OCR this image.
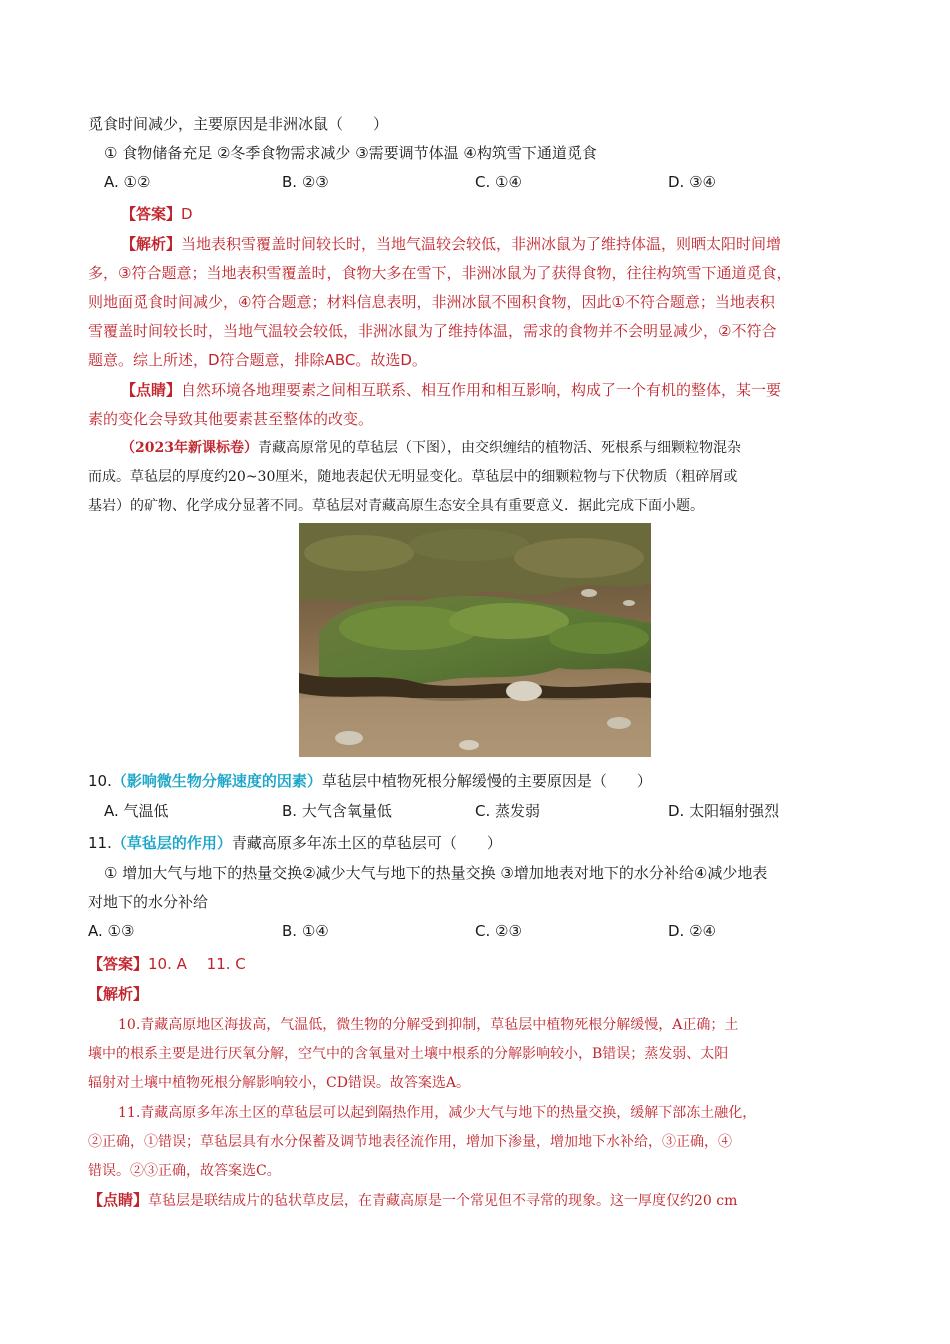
觅食时间减少，主要原因是非洲冰鼠（　　）
① 食物储备充足 ②冬季食物需求减少 ③需要调节体温 ④构筑雪下通道觅食
A. ①②	B. ②③	C. ①④	D. ③④
【答案】D
【解析】当地表积雪覆盖时间较长时，当地气温较会较低，非洲冰鼠为了维持体温，则晒太阳时间增
多，③符合题意；当地表积雪覆盖时，食物大多在雪下，非洲冰鼠为了获得食物，往往构筑雪下通道觅食，
则地面觅食时间减少，④符合题意；材料信息表明，非洲冰鼠不囤积食物，因此①不符合题意；当地表积
雪覆盖时间较长时，当地气温较会较低，非洲冰鼠为了维持体温，需求的食物并不会明显减少，②不符合
题意。综上所述，D符合题意，排除ABC。故选D。
【点睛】自然环境各地理要素之间相互联系、相互作用和相互影响，构成了一个有机的整体，某一要
素的变化会导致其他要素甚至整体的改变。
（2023年新课标卷）青藏高原常见的草毡层（下图），由交织缠结的植物活、死根系与细颗粒物混杂
而成。草毡层的厚度约20~30厘米，随地表起伏无明显变化。草毡层中的细颗粒物与下伏物质（粗碎屑或
基岩）的矿物、化学成分显著不同。草毡层对青藏高原生态安全具有重要意义．据此完成下面小题。
10.（影响微生物分解速度的因素）草毡层中植物死根分解缓慢的主要原因是（　　）
A. 气温低	B. 大气含氧量低	C. 蒸发弱	D. 太阳辐射强烈
11.（草毡层的作用）青藏高原多年冻土区的草毡层可（　　）
① 增加大气与地下的热量交换②减少大气与地下的热量交换 ③增加地表对地下的水分补给④减少地表
对地下的水分补给
A. ①③	B. ①④	C. ②③	D. ②④
【答案】10. A　 11. C
【解析】
10.青藏高原地区海拔高，气温低，微生物的分解受到抑制，草毡层中植物死根分解缓慢，A正确；土
壤中的根系主要是进行厌氧分解，空气中的含氧量对土壤中根系的分解影响较小，B错误；蒸发弱、太阳
辐射对土壤中植物死根分解影响较小，CD错误。故答案选A。
11.青藏高原多年冻土区的草毡层可以起到隔热作用，减少大气与地下的热量交换，缓解下部冻土融化，
②正确，①错误；草毡层具有水分保蓄及调节地表径流作用，增加下渗量，增加地下水补给，③正确，④
错误。②③正确，故答案选C。
【点睛】草毡层是联结成片的毡状草皮层，在青藏高原是一个常见但不寻常的现象。这一厚度仅约20 cm
